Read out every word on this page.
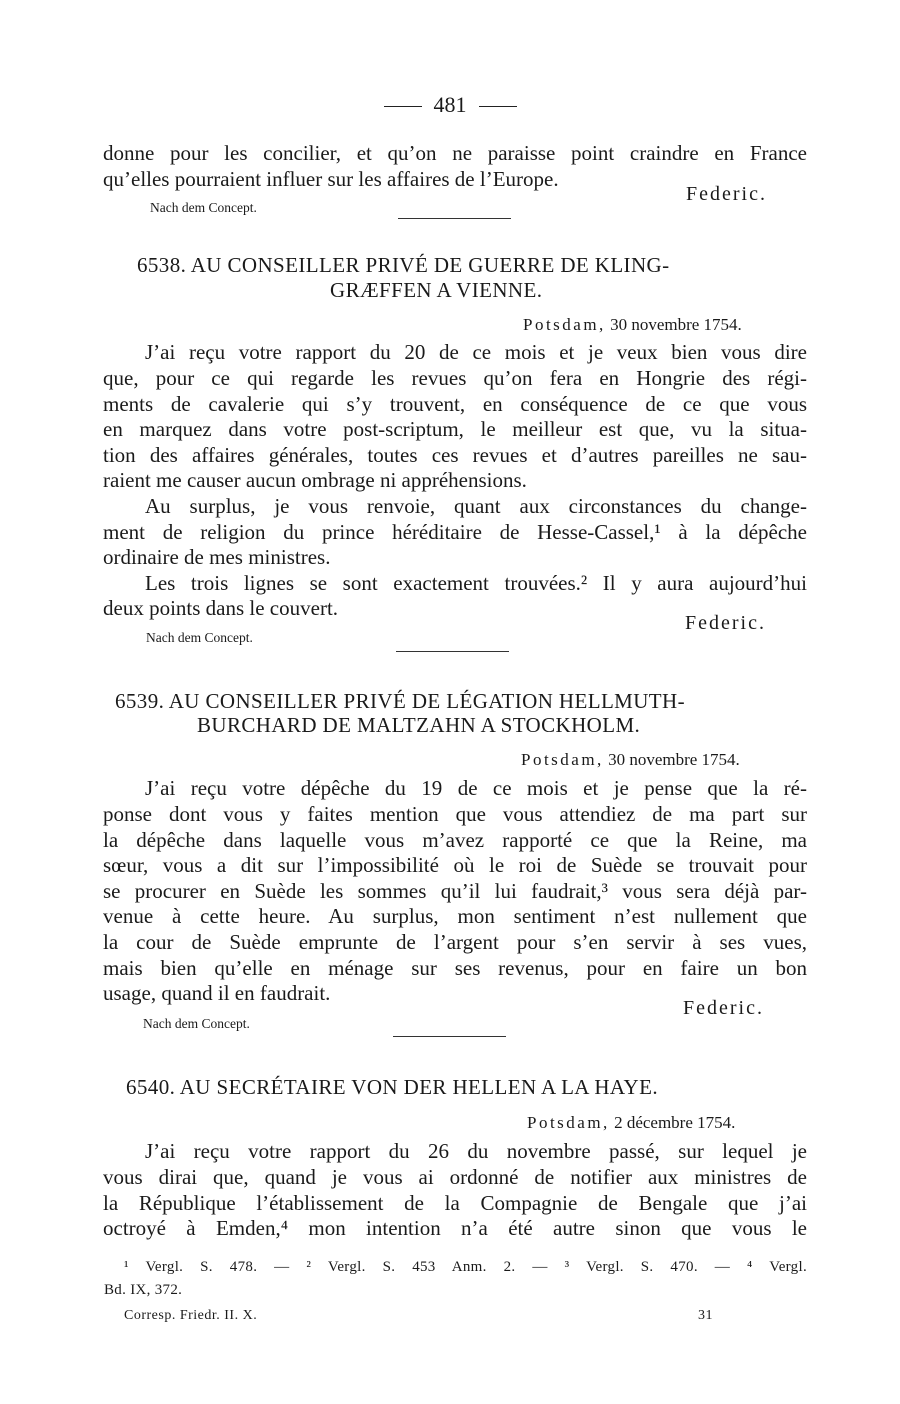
481
donne pour les concilier, et qu’on ne paraisse point craindre en France
qu’elles pourraient influer sur les affaires de l’Europe.
Federic.
Nach dem Concept.
6538. AU CONSEILLER PRIVÉ DE GUERRE DE KLING-
GRÆFFEN A VIENNE.
Potsdam, 30 novembre 1754.
J’ai reçu votre rapport du 20 de ce mois et je veux bien vous dire
que, pour ce qui regarde les revues qu’on fera en Hongrie des régi-
ments de cavalerie qui s’y trouvent, en conséquence de ce que vous
en marquez dans votre post-scriptum, le meilleur est que, vu la situa-
tion des affaires générales, toutes ces revues et d’autres pareilles ne sau-
raient me causer aucun ombrage ni appréhensions.
Au surplus, je vous renvoie, quant aux circonstances du change-
ment de religion du prince héréditaire de Hesse-Cassel,¹ à la dépêche
ordinaire de mes ministres.
Les trois lignes se sont exactement trouvées.² Il y aura aujourd’hui
deux points dans le couvert.
Federic.
Nach dem Concept.
6539. AU CONSEILLER PRIVÉ DE LÉGATION HELLMUTH-
BURCHARD DE MALTZAHN A STOCKHOLM.
Potsdam, 30 novembre 1754.
J’ai reçu votre dépêche du 19 de ce mois et je pense que la ré-
ponse dont vous y faites mention que vous attendiez de ma part sur
la dépêche dans laquelle vous m’avez rapporté ce que la Reine, ma
sœur, vous a dit sur l’impossibilité où le roi de Suède se trouvait pour
se procurer en Suède les sommes qu’il lui faudrait,³ vous sera déjà par-
venue à cette heure. Au surplus, mon sentiment n’est nullement que
la cour de Suède emprunte de l’argent pour s’en servir à ses vues,
mais bien qu’elle en ménage sur ses revenus, pour en faire un bon
usage, quand il en faudrait.
Federic.
Nach dem Concept.
6540. AU SECRÉTAIRE VON DER HELLEN A LA HAYE.
Potsdam, 2 décembre 1754.
J’ai reçu votre rapport du 26 du novembre passé, sur lequel je
vous dirai que, quand je vous ai ordonné de notifier aux ministres de
la République l’établissement de la Compagnie de Bengale que j’ai
octroyé à Emden,⁴ mon intention n’a été autre sinon que vous le
¹ Vergl. S. 478. — ² Vergl. S. 453 Anm. 2. — ³ Vergl. S. 470. — ⁴ Vergl.
Bd. IX, 372.
Corresp. Friedr. II. X.	31
